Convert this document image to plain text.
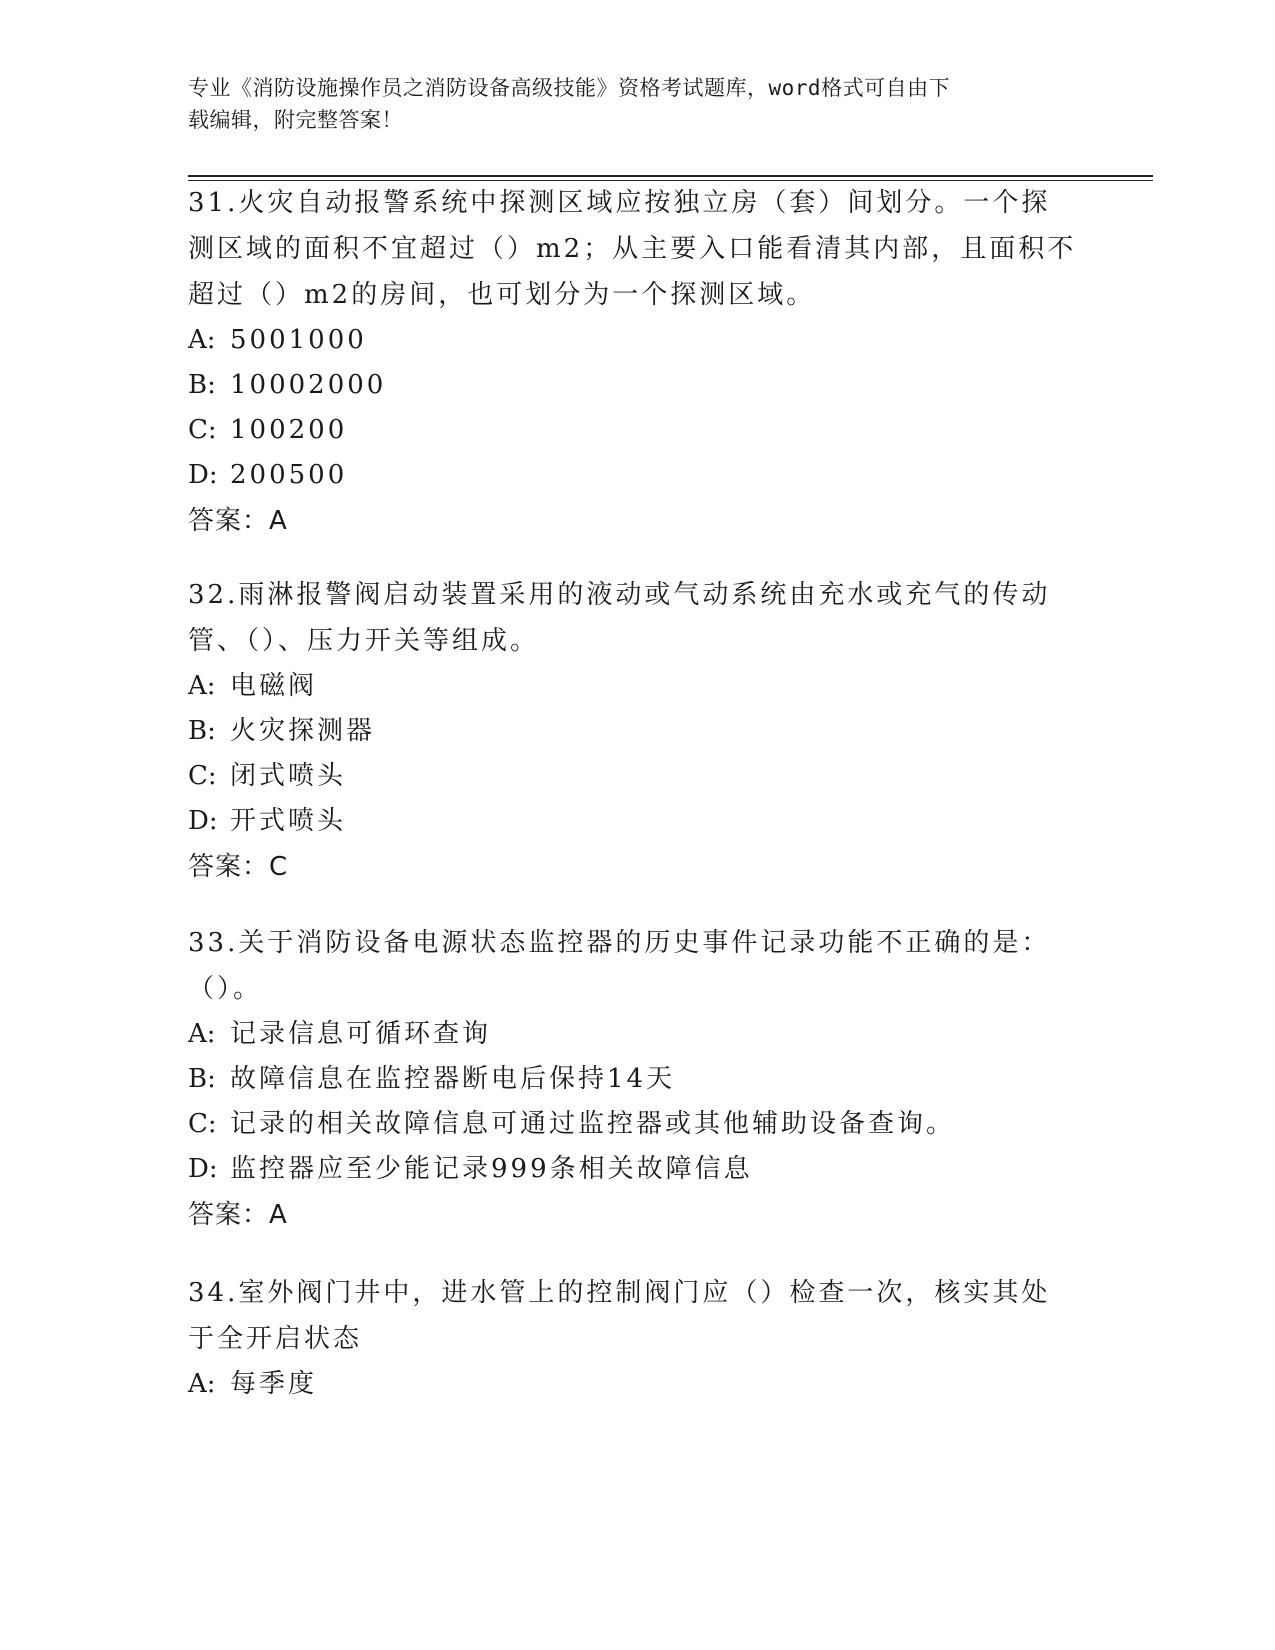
专业《消防设施操作员之消防设备高级技能》资格考试题库，word格式可自由下
载编辑，附完整答案！

31.火灾自动报警系统中探测区域应按独立房（套）间划分。一个探测区域的面积不宜超过（）m2；从主要入口能看清其内部，且面积不超过（）m2的房间，也可划分为一个探测区域。

A: 5001000

B: 10002000

C: 100200

D: 200500

答案：A

32.雨淋报警阀启动装置采用的液动或气动系统由充水或充气的传动管、（）、压力开关等组成。

A: 电磁阀

B: 火灾探测器

C: 闭式喷头

D: 开式喷头

答案：C

33.关于消防设备电源状态监控器的历史事件记录功能不正确的是：（）。

A: 记录信息可循环查询

B: 故障信息在监控器断电后保持14天

C: 记录的相关故障信息可通过监控器或其他辅助设备查询。

D: 监控器应至少能记录999条相关故障信息

答案：A

34.室外阀门井中，进水管上的控制阀门应（）检查一次，核实其处于全开启状态

A: 每季度
